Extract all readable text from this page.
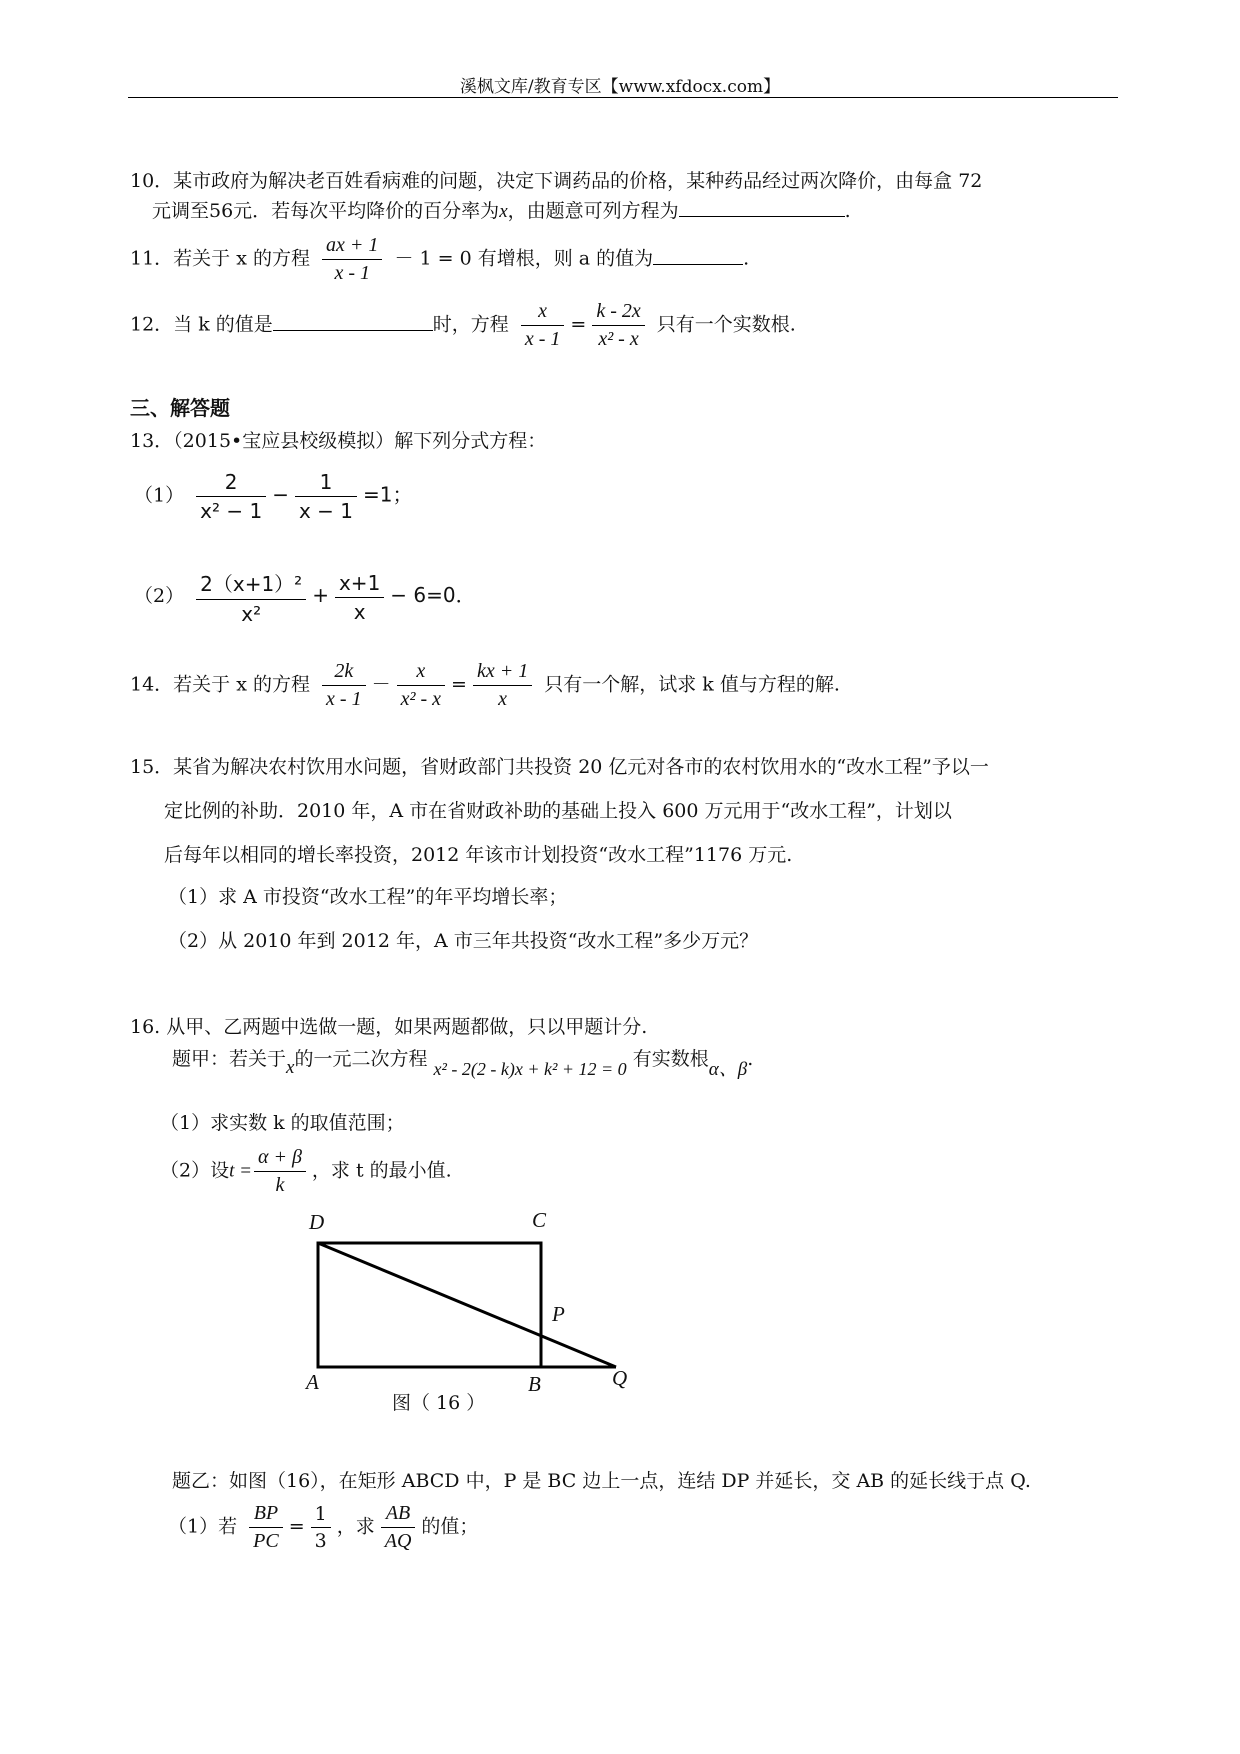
溪枫文库/教育专区【www.xfdocx.com】
10．某市政府为解决老百姓看病难的问题，决定下调药品的价格，某种药品经过两次降价，由每盒 72
元调至56元．若每次平均降价的百分率为x，由题意可列方程为	.
11．若关于 x 的方程 $\frac{ax + 1}{x - 1} - 1 = 0$ 有增根，则 a 的值为	.
12．当 k 的值是	时，方程 $\frac{x}{x - 1} = \frac{k - 2x}{\text{x² - x}}$ 只有一个实数根.
三、解答题
13．（2015•宝应县校级模拟）解下列分式方程：
$(1) \frac{2}{\text{x² − 1}} - \frac{1}{x - 1} =1$；
$(2) \frac{\text{2（x+1）²}}{\text{x²}} + \frac{x+1}{x} - 6=0$．
14．若关于 x 的方程 $\frac{2k}{x - 1} - \frac{x}{\text{x² - x}} = \frac{kx + 1}{x}$ 只有一个解，试求 k 值与方程的解.
15．某省为解决农村饮用水问题，省财政部门共投资 20 亿元对各市的农村饮用水的“改水工程”予以一
定比例的补助．2010 年，A 市在省财政补助的基础上投入 600 万元用于“改水工程”，计划以
后每年以相同的增长率投资，2012 年该市计划投资“改水工程”1176 万元.
（1）求 A 市投资“改水工程”的年平均增长率；
（2）从 2010 年到 2012 年，A 市三年共投资“改水工程”多少万元？
16. 从甲、乙两题中选做一题，如果两题都做，只以甲题计分.
题甲：若关于x的一元二次方程 x² - 2(2 - k)x + k² + 12 = 0 有实数根α、β.
（1）求实数 k 的取值范围；
（2）设$t = \frac{\alpha + \beta}{k}$ ，求 t 的最小值.
D	C
P
A	B	Q
图（ 16 ）
题乙：如图（16），在矩形 ABCD 中，P 是 BC 边上一点，连结 DP 并延长，交 AB 的延长线于点 Q.
（1）若 $\frac{BP}{PC} = \frac{1}{3}$ ，求 $\frac{AB}{AQ}$ 的值；
